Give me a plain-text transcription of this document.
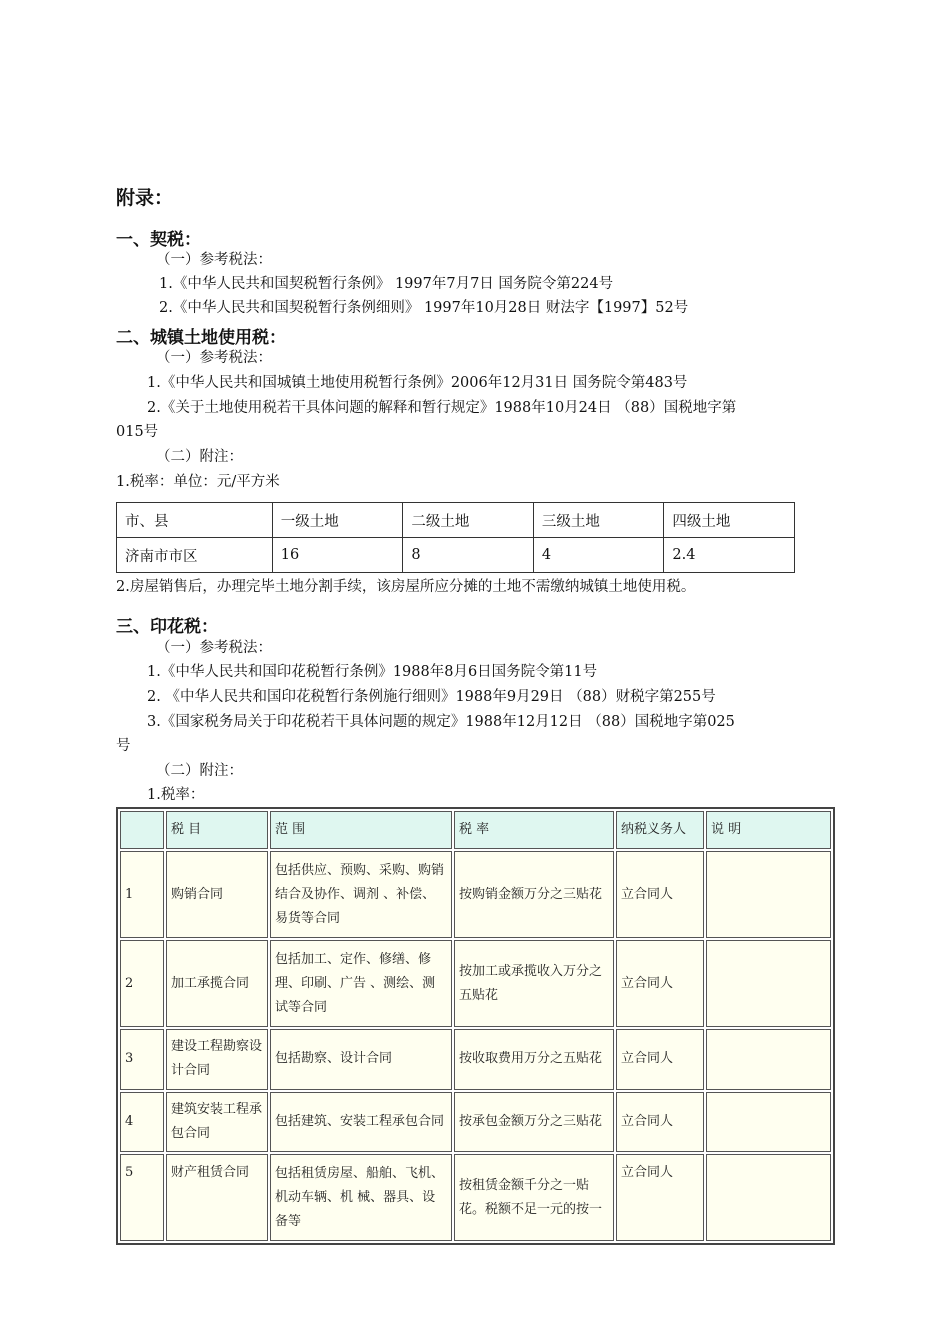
附录：
一、契税：
（一）参考税法：
1.《中华人民共和国契税暂行条例》 1997年7月7日 国务院令第224号
2.《中华人民共和国契税暂行条例细则》 1997年10月28日 财法字【1997】52号
二、城镇土地使用税：
（一）参考税法：
1.《中华人民共和国城镇土地使用税暂行条例》2006年12月31日 国务院令第483号
2.《关于土地使用税若干具体问题的解释和暂行规定》1988年10月24日 （88）国税地字第
015号
（二）附注：
1.税率：单位：元/平方米
市、县	一级土地	二级土地	三级土地	四级土地
济南市市区	16	8	4	2.4
2.房屋销售后，办理完毕土地分割手续，该房屋所应分摊的土地不需缴纳城镇土地使用税。
三、印花税：
（一）参考税法：
1.《中华人民共和国印花税暂行条例》1988年8月6日国务院令第11号
2. 《中华人民共和国印花税暂行条例施行细则》1988年9月29日 （88）财税字第255号
3.《国家税务局关于印花税若干具体问题的规定》1988年12月12日 （88）国税地字第025
号
（二）附注：
1.税率：
	税 目	范 围	税 率	纳税义务人	说 明
1	购销合同	包括供应、预购、采购、购销结合及协作、调剂 、补偿、易货等合同	按购销金额万分之三贴花	立合同人	
2	加工承揽合同	包括加工、定作、修缮、修理、印刷、广告 、测绘、测试等合同	按加工或承揽收入万分之五贴花	立合同人	
3	建设工程勘察设计合同	包括勘察、设计合同	按收取费用万分之五贴花	立合同人	
4	建筑安装工程承包合同	包括建筑、安装工程承包合同	按承包金额万分之三贴花	立合同人	
5	财产租赁合同	包括租赁房屋、船舶、飞机、机动车辆、机 械、器具、设备等	按租赁金额千分之一贴花。税额不足一元的按一	立合同人	
